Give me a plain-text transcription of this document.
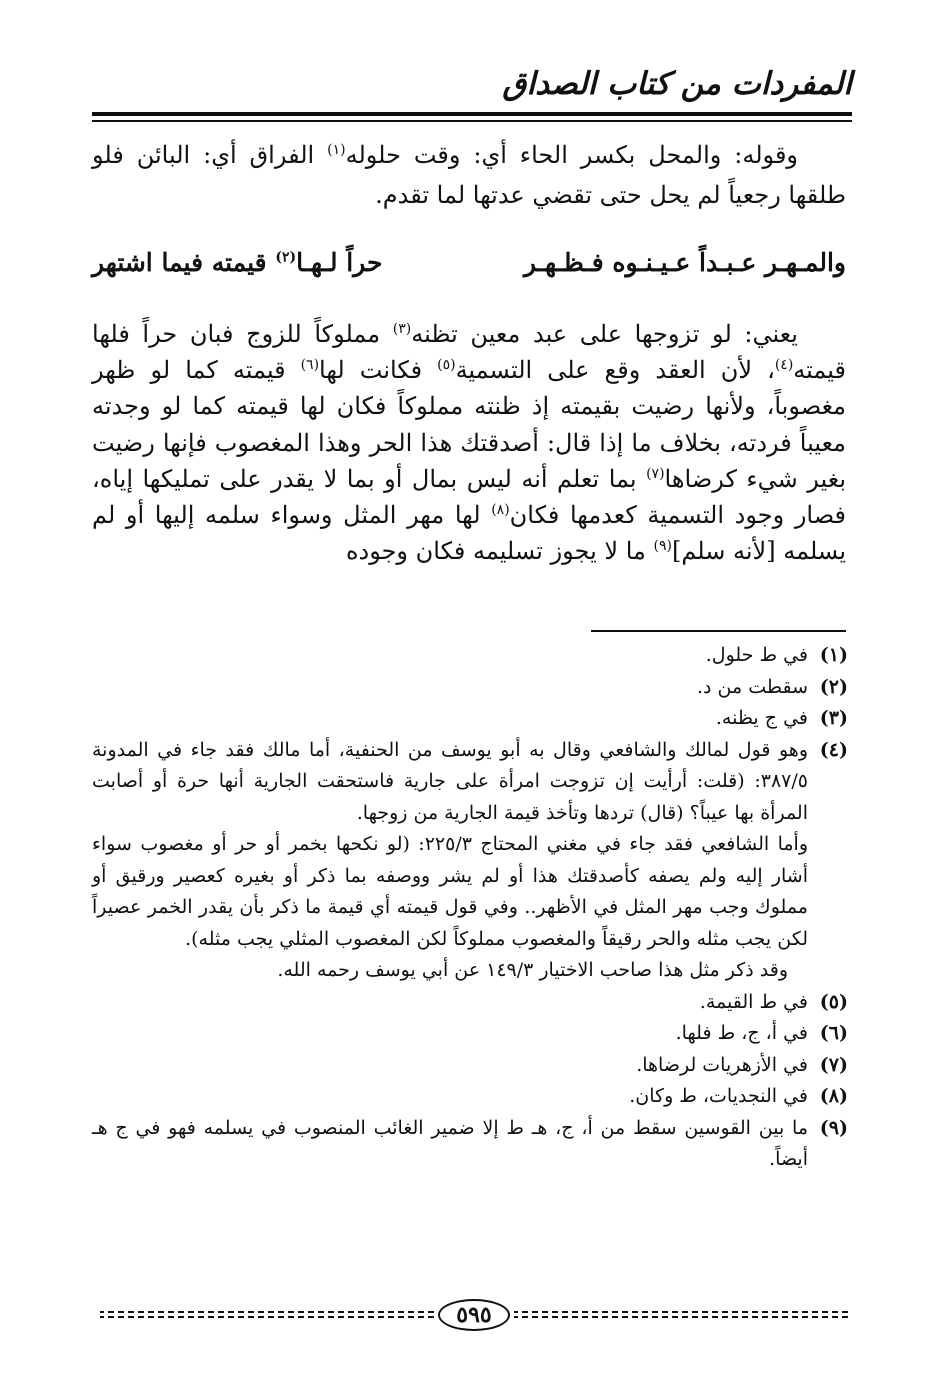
المفردات من كتاب الصداق

وقوله: والمحل بكسر الحاء أي: وقت حلوله$^{(١)}$ الفراق أي: البائن فلو طلقها رجعياً لم يحل حتى تقضي عدتها لما تقدم.

والمـهـر عـبـداً عـيـنـوه فـظـهـر
حراً لـهـا$^{(٢)}$ قيمته فيما اشتهر

يعني: لو تزوجها على عبد معين تظنه$^{(٣)}$ مملوكاً للزوج فبان حراً فلها قيمته$^{(٤)}$، لأن العقد وقع على التسمية$^{(٥)}$ فكانت لها$^{(٦)}$ قيمته كما لو ظهر مغصوباً، ولأنها رضيت بقيمته إذ ظنته مملوكاً فكان لها قيمته كما لو وجدته معيباً فردته، بخلاف ما إذا قال: أصدقتك هذا الحر وهذا المغصوب فإنها رضيت بغير شيء كرضاها$^{(٧)}$ بما تعلم أنه ليس بمال أو بما لا يقدر على تمليكها إياه، فصار وجود التسمية كعدمها فكان$^{(٨)}$ لها مهر المثل وسواء سلمه إليها أو لم يسلمه [لأنه سلم]$^{(٩)}$ ما لا يجوز تسليمه فكان وجوده

(١)
في ط حلول.
(٢)
سقطت من د.
(٣)
في ج يظنه.
(٤)
وهو قول لمالك والشافعي وقال به أبو يوسف من الحنفية، أما مالك فقد جاء في المدونة ٣٨٧/٥: (قلت: أرأيت إن تزوجت امرأة على جارية فاستحقت الجارية أنها حرة أو أصابت المرأة بها عيباً؟ (قال) تردها وتأخذ قيمة الجارية من زوجها.
وأما الشافعي فقد جاء في مغني المحتاج ٢٢٥/٣: (لو نكحها بخمر أو حر أو مغصوب سواء أشار إليه ولم يصفه كأصدقتك هذا أو لم يشر ووصفه بما ذكر أو بغيره كعصير ورقيق أو مملوك وجب مهر المثل في الأظهر.. وفي قول قيمته أي قيمة ما ذكر بأن يقدر الخمر عصيراً لكن يجب مثله والحر رقيقاً والمغصوب مملوكاً لكن المغصوب المثلي يجب مثله).
وقد ذكر مثل هذا صاحب الاختيار ١٤٩/٣ عن أبي يوسف رحمه الله.
(٥)
في ط القيمة.
(٦)
في أ، ج، ط فلها.
(٧)
في الأزهريات لرضاها.
(٨)
في النجديات، ط وكان.
(٩)
ما بين القوسين سقط من أ، ج، هـ ط إلا ضمير الغائب المنصوب في يسلمه فهو في ج هـ أيضاً.
٥٩٥
